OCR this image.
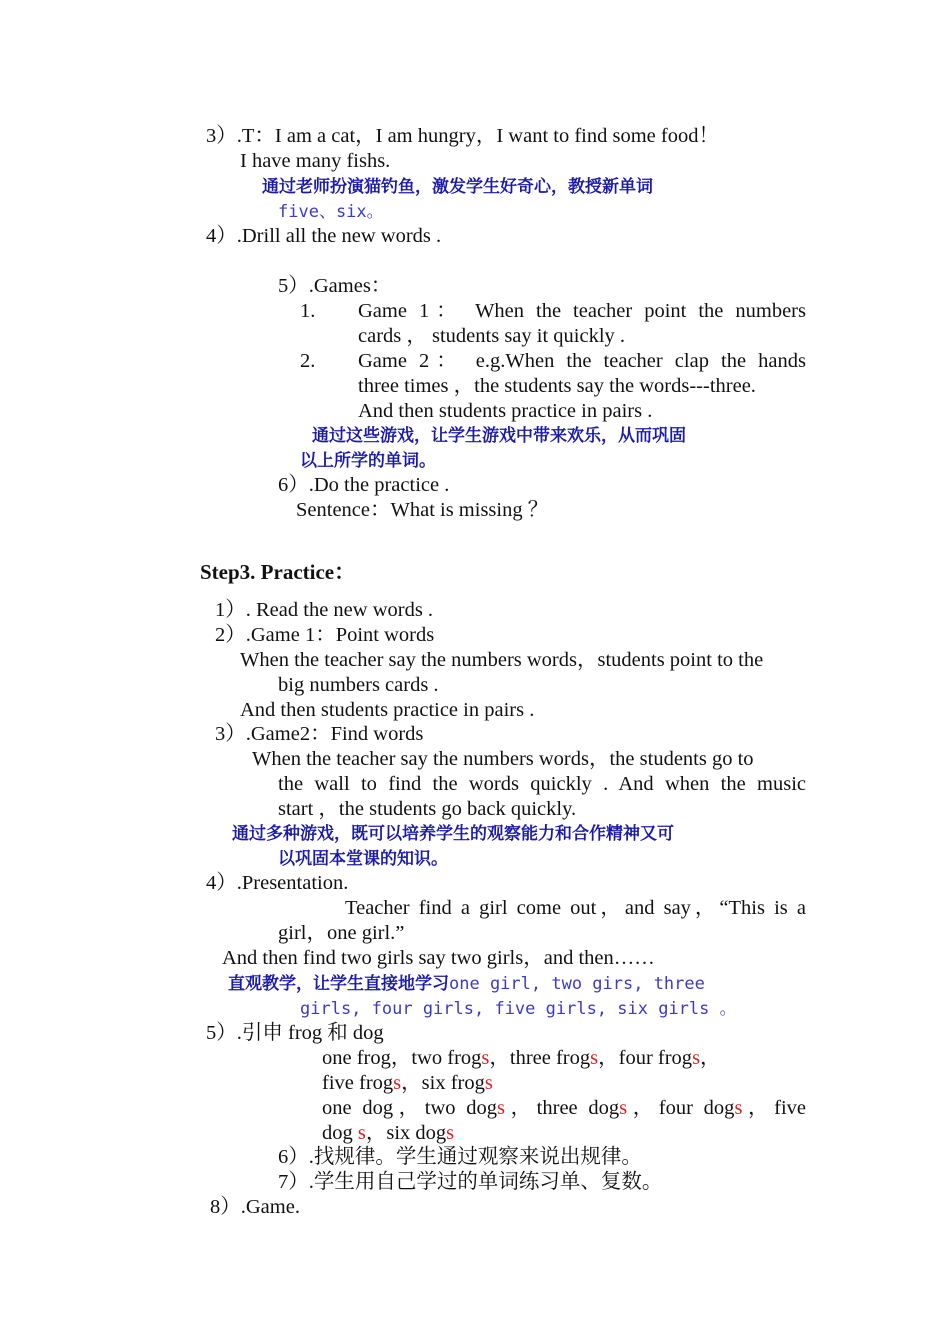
3）.T：I am a cat，I am hungry，I want to find some food！
I have many fishs.
通过老师扮演猫钓鱼，激发学生好奇心，教授新单词
five、six。
4）.Drill all the new words .
5）.Games：
1. Game 1： When the teacher point the numbers
cards ， students say it quickly .
2. Game 2： e.g.When the teacher clap the hands
three times ，the students say the words---three.
And then students practice in pairs .
通过这些游戏，让学生游戏中带来欢乐，从而巩固
以上所学的单词。
6）.Do the practice .
Sentence：What is missing ？
Step3. Practice：
1）. Read the new words .
2）.Game 1：Point words
When the teacher say the numbers words，students point to the
big numbers cards .
And then students practice in pairs .
3）.Game2：Find words
When the teacher say the numbers words，the students go to
the wall to find the words quickly . And when the music
start ，the students go back quickly.
通过多种游戏，既可以培养学生的观察能力和合作精神又可
以巩固本堂课的知识。
4）.Presentation.
Teacher find a girl come out，and say，“This is a
girl，one girl.”
And then find two girls say two girls，and then……
直观教学，让学生直接地学习one girl, two girs, three
girls, four girls, five girls, six girls 。
5）.引申 frog 和 dog
one frog，two frogs，three frogs，four frogs，
five frogs，six frogs
one dog，two dogs，three dogs，four dogs，five
dog s，six dogs
6）.找规律。学生通过观察来说出规律。
7）.学生用自己学过的单词练习单、复数。
8）.Game.
